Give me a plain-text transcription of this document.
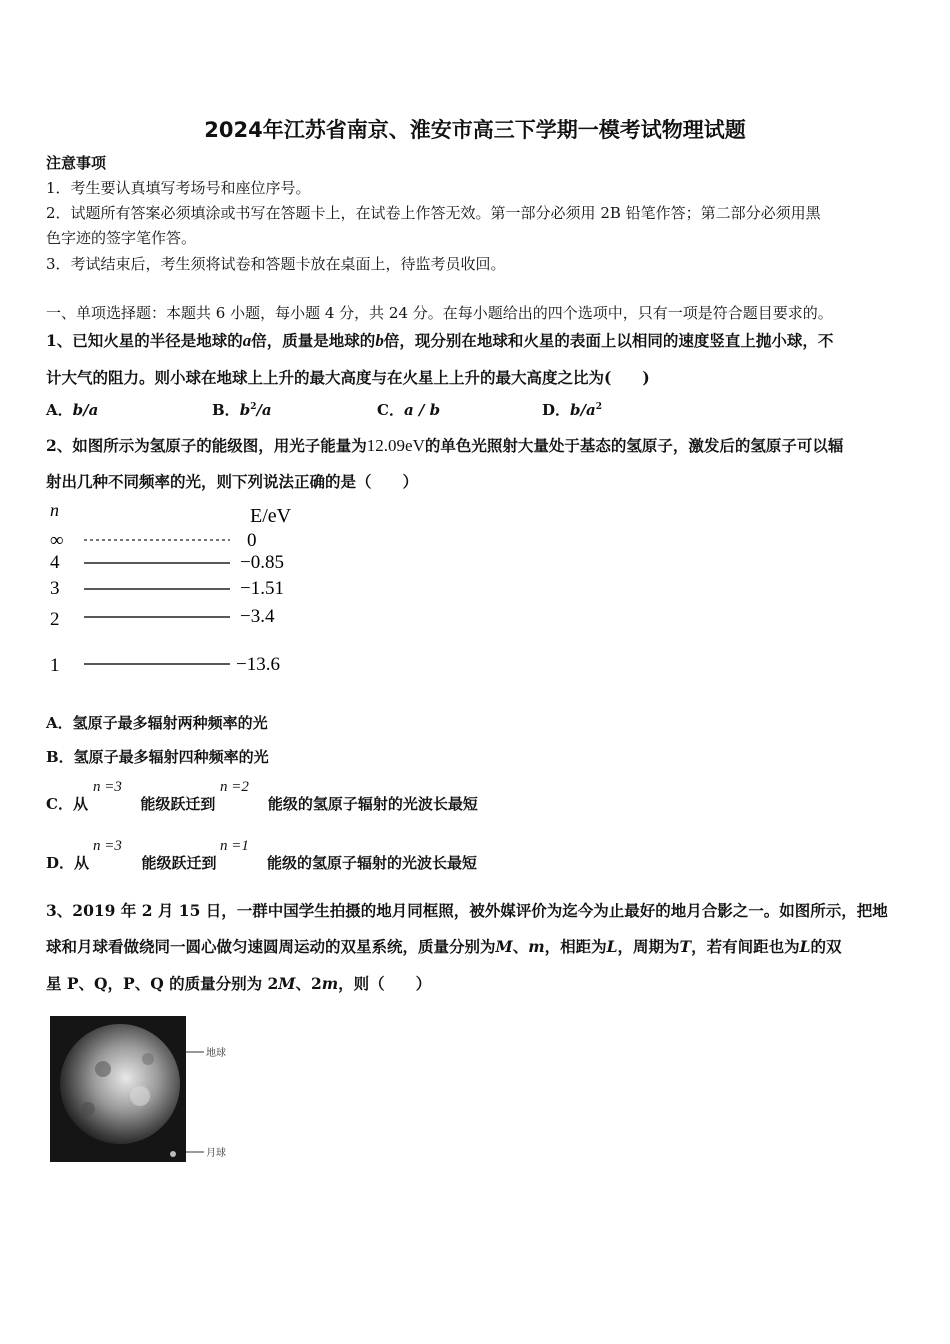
2024年江苏省南京、淮安市高三下学期一模考试物理试题
注意事项
1．考生要认真填写考场号和座位序号。
2．试题所有答案必须填涂或书写在答题卡上，在试卷上作答无效。第一部分必须用 2B 铅笔作答；第二部分必须用黑
色字迹的签字笔作答。
3．考试结束后，考生须将试卷和答题卡放在桌面上，待监考员收回。
一、单项选择题：本题共 6 小题，每小题 4 分，共 24 分。在每小题给出的四个选项中，只有一项是符合题目要求的。
1、已知火星的半径是地球的a倍，质量是地球的b倍，现分别在地球和火星的表面上以相同的速度竖直上抛小球，不
计大气的阻力。则小球在地球上上升的最大高度与在火星上上升的最大高度之比为(　　)
A．b/a	B．$b^2/a$	C．a / b	D．$b/a^2$
2、如图所示为氢原子的能级图，用光子能量为12.09eV的单色光照射大量处于基态的氢原子，激发后的氢原子可以辐
射出几种不同频率的光，则下列说法正确的是（　　）
n	E/eV
∞	0
4	−0.85
3	−1.51
2	−3.4
1	−13.6
A．氢原子最多辐射两种频率的光
B．氢原子最多辐射四种频率的光
C．从	能级跃迁到	能级的氢原子辐射的光波长最短
n =3	n =2
D．从	能级跃迁到	能级的氢原子辐射的光波长最短
n =3	n =1
3、2019 年 2 月 15 日，一群中国学生拍摄的地月同框照，被外媒评价为迄今为止最好的地月合影之一。如图所示，把地
球和月球看做绕同一圆心做匀速圆周运动的双星系统，质量分别为M、m，相距为L，周期为T，若有间距也为L的双
星 P、Q，P、Q 的质量分别为 2M、2m，则（　　）
地球
月球
